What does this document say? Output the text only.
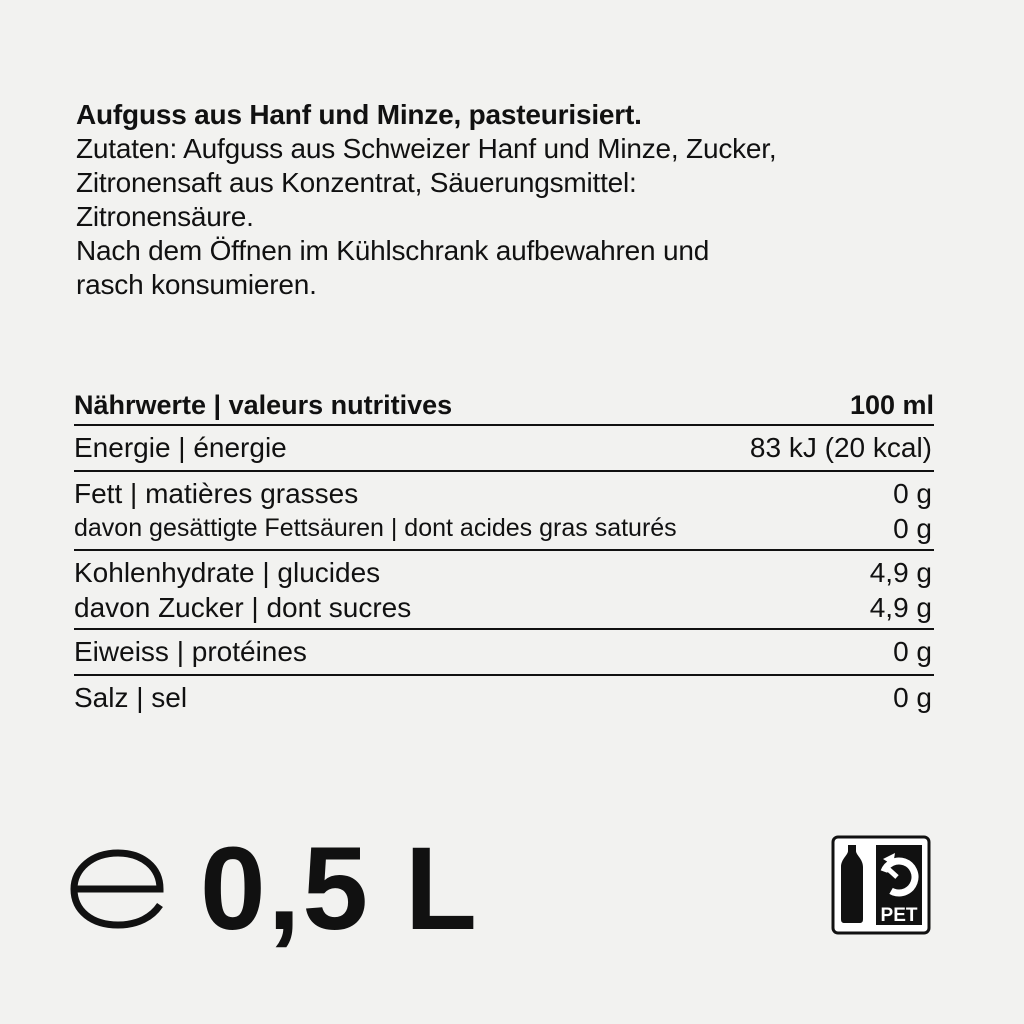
Aufguss aus Hanf und Minze, pasteurisiert.
Zutaten: Aufguss aus Schweizer Hanf und Minze, Zucker,
Zitronensaft aus Konzentrat, Säuerungsmittel:
Zitronensäure.
Nach dem Öffnen im Kühlschrank aufbewahren und
rasch konsumieren.
Nährwerte | valeurs nutritives	100 ml
Energie | énergie	83 kJ (20 kcal)
Fett | matières grasses	0 g
davon gesättigte Fettsäuren | dont acides gras saturés	0 g
Kohlenhydrate | glucides	4,9 g
davon Zucker | dont sucres	4,9 g
Eiweiss | protéines	0 g
Salz | sel	0 g
0,5 L	PET
